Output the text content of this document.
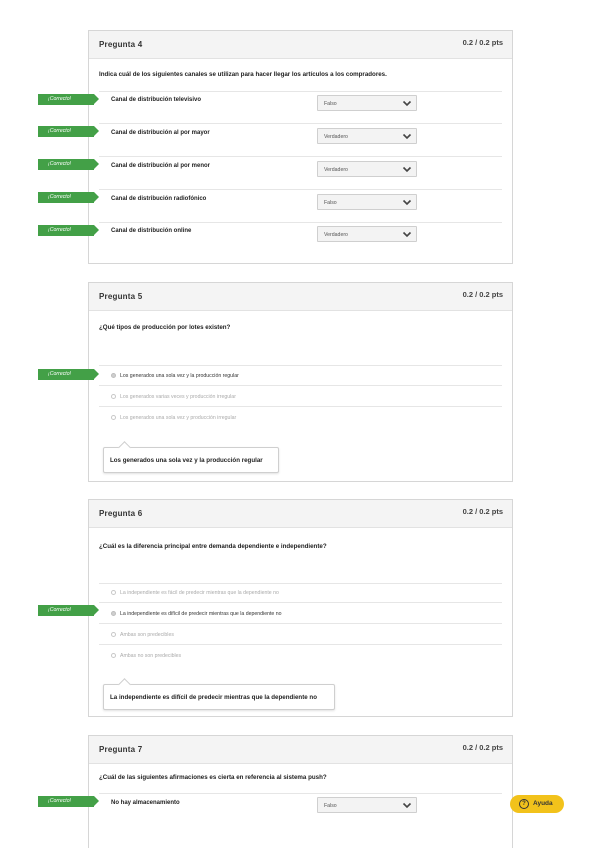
Pregunta 4	0.2 / 0.2 pts
Indica cuál de los siguientes canales se utilizan para hacer llegar los artículos a los compradores.
Canal de distribución televisivo
Falso
Canal de distribución al por mayor
Verdadero
Canal de distribución al por menor
Verdadero
Canal de distribución radiofónico
Falso
Canal de distribución online
Verdadero
¡Correcto!
¡Correcto!
¡Correcto!
¡Correcto!
¡Correcto!
Pregunta 5	0.2 / 0.2 pts
¿Qué tipos de producción por lotes existen?
Los generados una sola vez y la producción regular
Los generados varias veces y producción irregular
Los generados una sola vez y producción irregular
Los generados una sola vez y la producción regular
¡Correcto!
Pregunta 6	0.2 / 0.2 pts
¿Cuál es la diferencia principal entre demanda dependiente e independiente?
La independiente es fácil de predecir mientras que la dependiente no
La independiente es difícil de predecir mientras que la dependiente no
Ambas son predecibles
Ambas no son predecibles
La independiente es difícil de predecir mientras que la dependiente no
¡Correcto!
Pregunta 7	0.2 / 0.2 pts
¿Cuál de las siguientes afirmaciones es cierta en referencia al sistema push?
No hay almacenamiento	Falso
¡Correcto!	?	Ayuda
